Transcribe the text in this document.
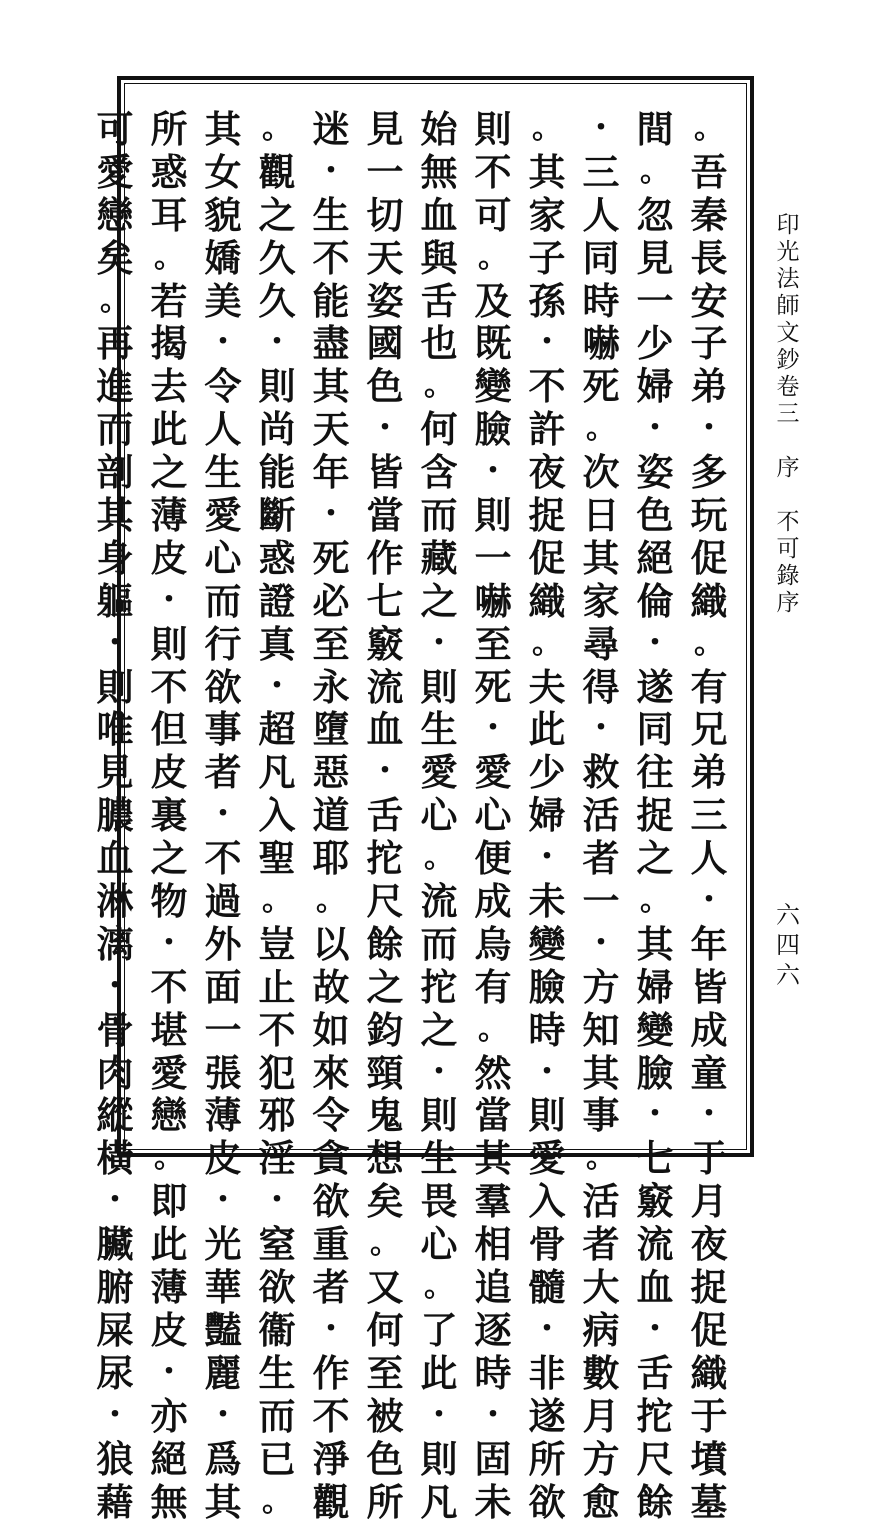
。
吾
秦
長
安
子
弟
・
多
玩
促
織
。
有
兄
弟
三
人
・
年
皆
成
童
・
于
月
夜
捉
促
織
于
墳
墓
間
。
忽
見
一
少
婦
・
姿
色
絕
倫
・
遂
同
往
捉
之
。
其
婦
變
臉
・
七
竅
流
血
・
舌
拕
尺
餘
・
三
人
同
時
嚇
死
。
次
日
其
家
尋
得
・
救
活
者
一
・
方
知
其
事
。
活
者
大
病
數
月
方
愈
。
其
家
子
孫
・
不
許
夜
捉
促
織
。
夫
此
少
婦
・
未
變
臉
時
・
則
愛
入
骨
髓
・
非
遂
所
欲
則
不
可
。
及
既
變
臉
・
則
一
嚇
至
死
・
愛
心
便
成
烏
有
。
然
當
其
羣
相
追
逐
時
・
固
未
始
無
血
與
舌
也
。
何
含
而
藏
之
・
則
生
愛
心
。
流
而
拕
之
・
則
生
畏
心
。
了
此
・
則
凡
見
一
切
天
姿
國
色
・
皆
當
作
七
竅
流
血
・
舌
拕
尺
餘
之
鈞
頸
鬼
想
矣
。
又
何
至
被
色
所
迷
・
生
不
能
盡
其
天
年
・
死
必
至
永
墮
惡
道
耶
。
以
故
如
來
令
貪
欲
重
者
・
作
不
淨
觀
。
觀
之
久
久
・
則
尚
能
斷
惑
證
真
・
超
凡
入
聖
。
豈
止
不
犯
邪
淫
・
窒
欲
衞
生
而
已
。
其
女
貌
嬌
美
・
令
人
生
愛
心
而
行
欲
事
者
・
不
過
外
面
一
張
薄
皮
・
光
華
豔
麗
・
爲
其
所
惑
耳
。
若
揭
去
此
之
薄
皮
・
則
不
但
皮
裏
之
物
・
不
堪
愛
戀
。
即
此
薄
皮
・
亦
絕
無
可
愛
戀
矣
。
再
進
而
剖
其
身
軀
・
則
唯
見
膿
血
淋
漓
・
骨
肉
縱
橫
・
臟
腑
屎
尿
・
狼
藉
印
光
法
師
文
鈔
卷
三
序
不
可
錄
序
六
四
六
